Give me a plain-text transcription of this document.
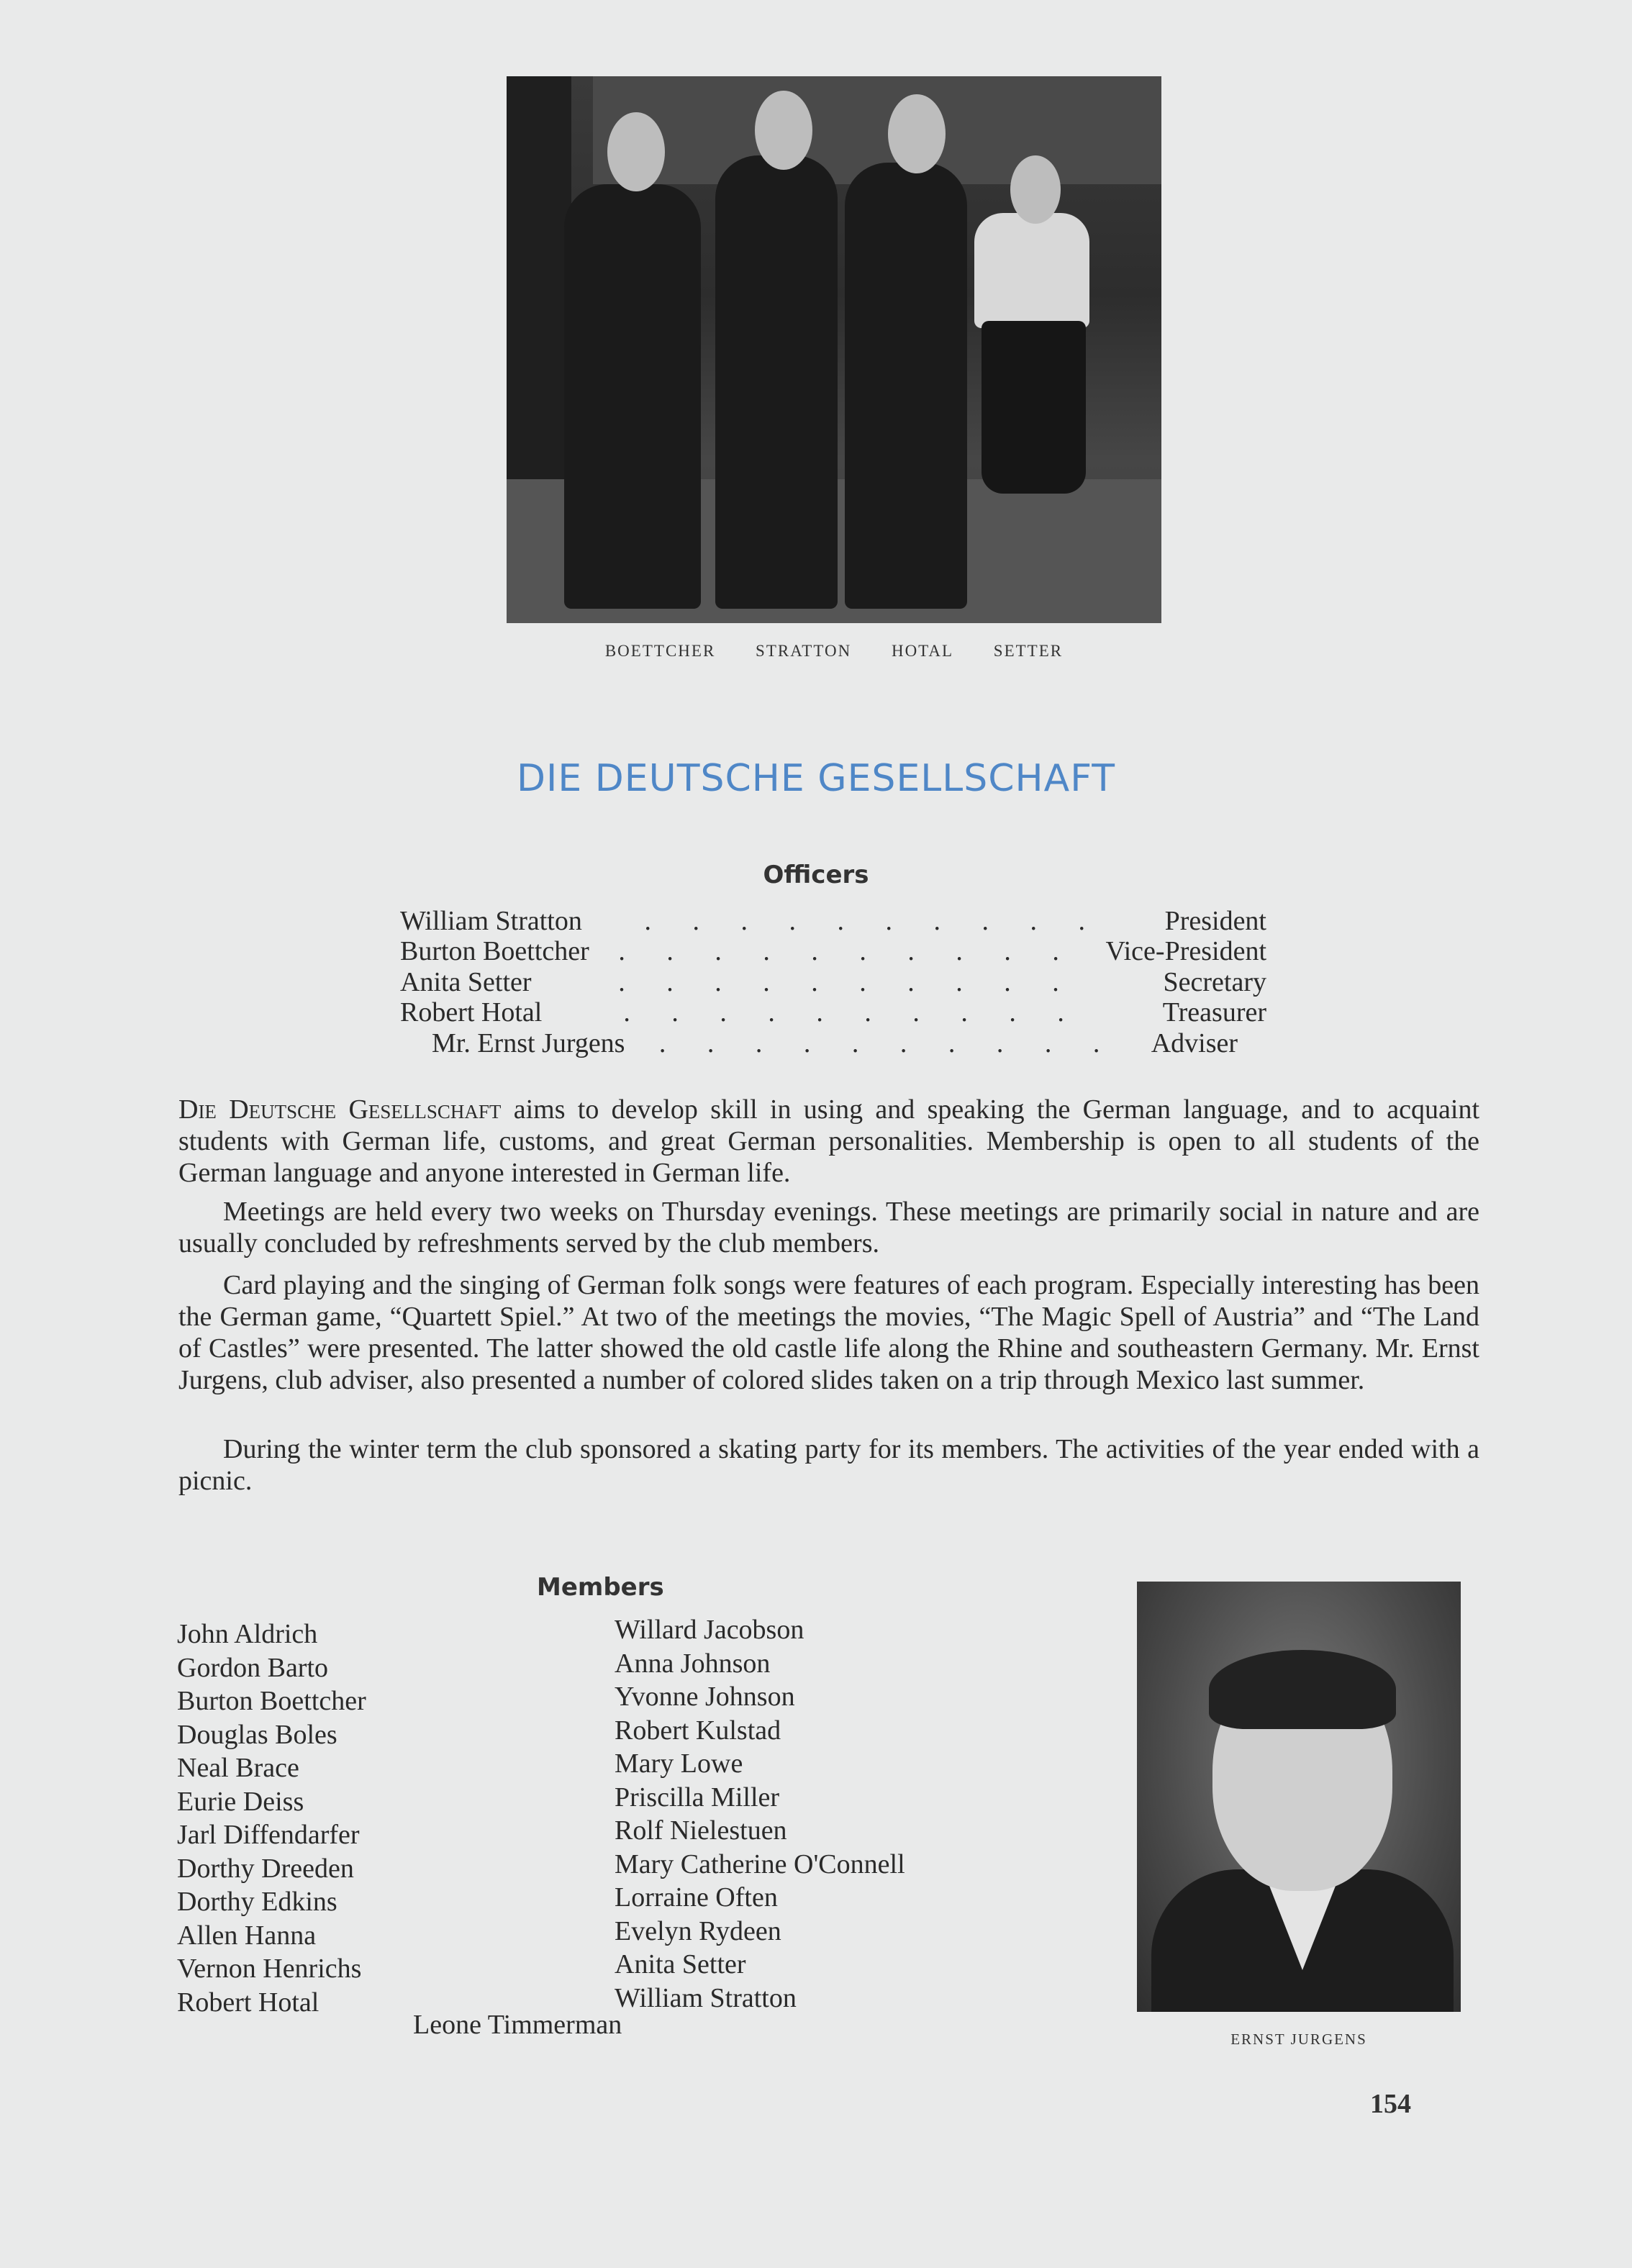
BOETTCHER STRATTON HOTAL SETTER
DIE DEUTSCHE GESELLSCHAFT
Officers
William Stratton	. . . . . . . . . .	President
Burton Boettcher	. . . . . . . . . .	Vice-President
Anita Setter	. . . . . . . . . .	Secretary
Robert Hotal	. . . . . . . . . .	Treasurer
Mr. Ernst Jurgens	. . . . . . . . . .	Adviser
Die Deutsche Gesellschaft aims to develop skill in using and speaking the German language, and to acquaint students with German life, customs, and great German personalities. Membership is open to all students of the German language and anyone interested in German life.
Meetings are held every two weeks on Thursday evenings. These meetings are primarily social in nature and are usually concluded by refreshments served by the club members.
Card playing and the singing of German folk songs were features of each program. Especially interesting has been the German game, “Quartett Spiel.” At two of the meetings the movies, “The Magic Spell of Austria” and “The Land of Castles” were presented. The latter showed the old castle life along the Rhine and southeastern Germany. Mr. Ernst Jurgens, club adviser, also presented a number of colored slides taken on a trip through Mexico last summer.
During the winter term the club sponsored a skating party for its members. The activities of the year ended with a picnic.
Members
John Aldrich
Gordon Barto
Burton Boettcher
Douglas Boles
Neal Brace
Eurie Deiss
Jarl Diffendarfer
Dorthy Dreeden
Dorthy Edkins
Allen Hanna
Vernon Henrichs
Robert Hotal
Willard Jacobson
Anna Johnson
Yvonne Johnson
Robert Kulstad
Mary Lowe
Priscilla Miller
Rolf Nielestuen
Mary Catherine O'Connell
Lorraine Often
Evelyn Rydeen
Anita Setter
William Stratton
Leone Timmerman	ERNST JURGENS
154
